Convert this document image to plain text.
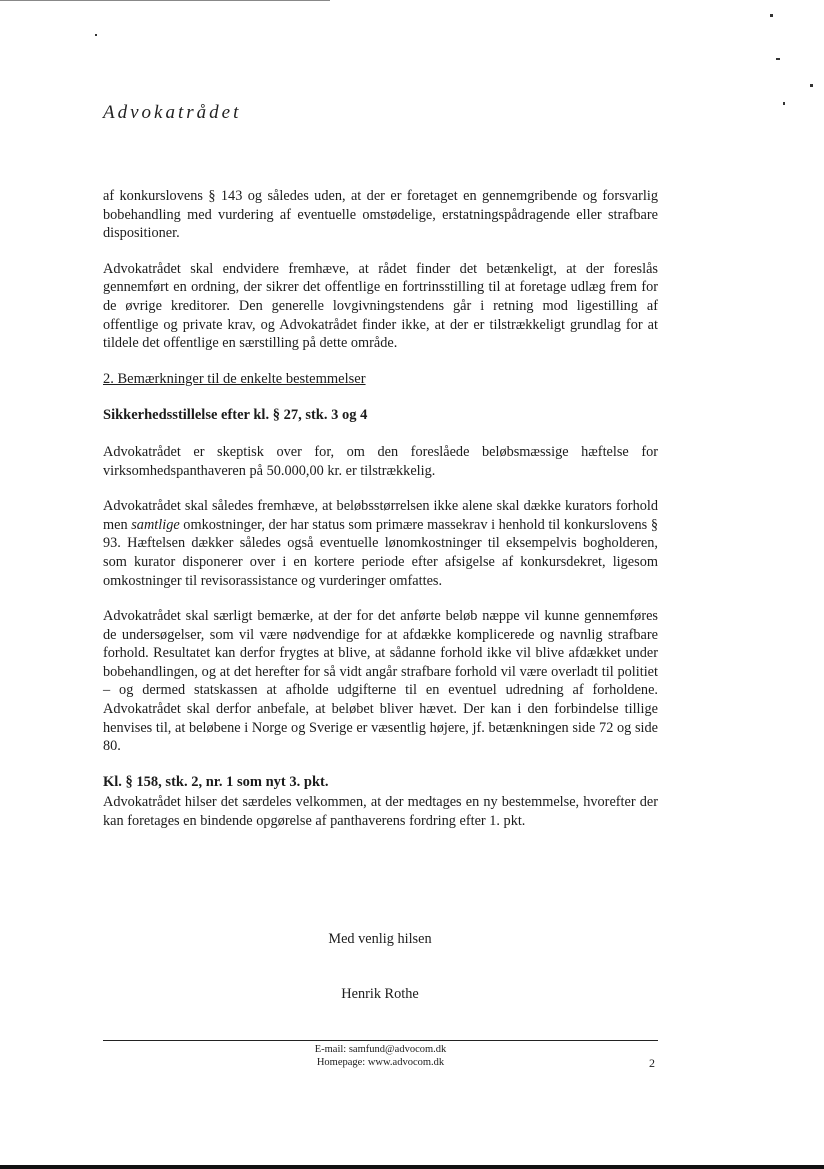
Advokatrådet

af konkurslovens § 143 og således uden, at der er foretaget en gennemgribende og forsvarlig bobehandling med vurdering af eventuelle omstødelige, erstatningspådragende eller strafbare dispositioner.

Advokatrådet skal endvidere fremhæve, at rådet finder det betænkeligt, at der foreslås gennemført en ordning, der sikrer det offentlige en fortrinsstilling til at foretage udlæg frem for de øvrige kreditorer. Den generelle lovgivningstendens går i retning mod ligestilling af offentlige og private krav, og Advokatrådet finder ikke, at der er tilstrækkeligt grundlag for at tildele det offentlige en særstilling på dette område.

2. Bemærkninger til de enkelte bestemmelser
Sikkerhedsstillelse efter kl. § 27, stk. 3 og 4

Advokatrådet er skeptisk over for, om den foreslåede beløbsmæssige hæftelse for virksomhedspanthaveren på 50.000,00 kr. er tilstrækkelig.

Advokatrådet skal således fremhæve, at beløbsstørrelsen ikke alene skal dække kurators forhold men samtlige omkostninger, der har status som primære massekrav i henhold til konkurslovens § 93. Hæftelsen dækker således også eventuelle lønomkostninger til eksempelvis bogholderen, som kurator disponerer over i en kortere periode efter afsigelse af konkursdekret, ligesom omkostninger til revisorassistance og vurderinger omfattes.

Advokatrådet skal særligt bemærke, at der for det anførte beløb næppe vil kunne gennemføres de undersøgelser, som vil være nødvendige for at afdække komplicerede og navnlig strafbare forhold. Resultatet kan derfor frygtes at blive, at sådanne forhold ikke vil blive afdækket under bobehandlingen, og at det herefter for så vidt angår strafbare forhold vil være overladt til politiet – og dermed statskassen at afholde udgifterne til en eventuel udredning af forholdene. Advokatrådet skal derfor anbefale, at beløbet bliver hævet. Der kan i den forbindelse tillige henvises til, at beløbene i Norge og Sverige er væsentlig højere, jf. betænkningen side 72 og side 80.

Kl. § 158, stk. 2, nr. 1 som nyt 3. pkt.

Advokatrådet hilser det særdeles velkommen, at der medtages en ny bestemmelse, hvorefter der kan foretages en bindende opgørelse af panthaverens fordring efter 1. pkt.

Med venlig hilsen
Henrik Rothe
E-mail: samfund@advocom.dk
Homepage: www.advocom.dk	2
